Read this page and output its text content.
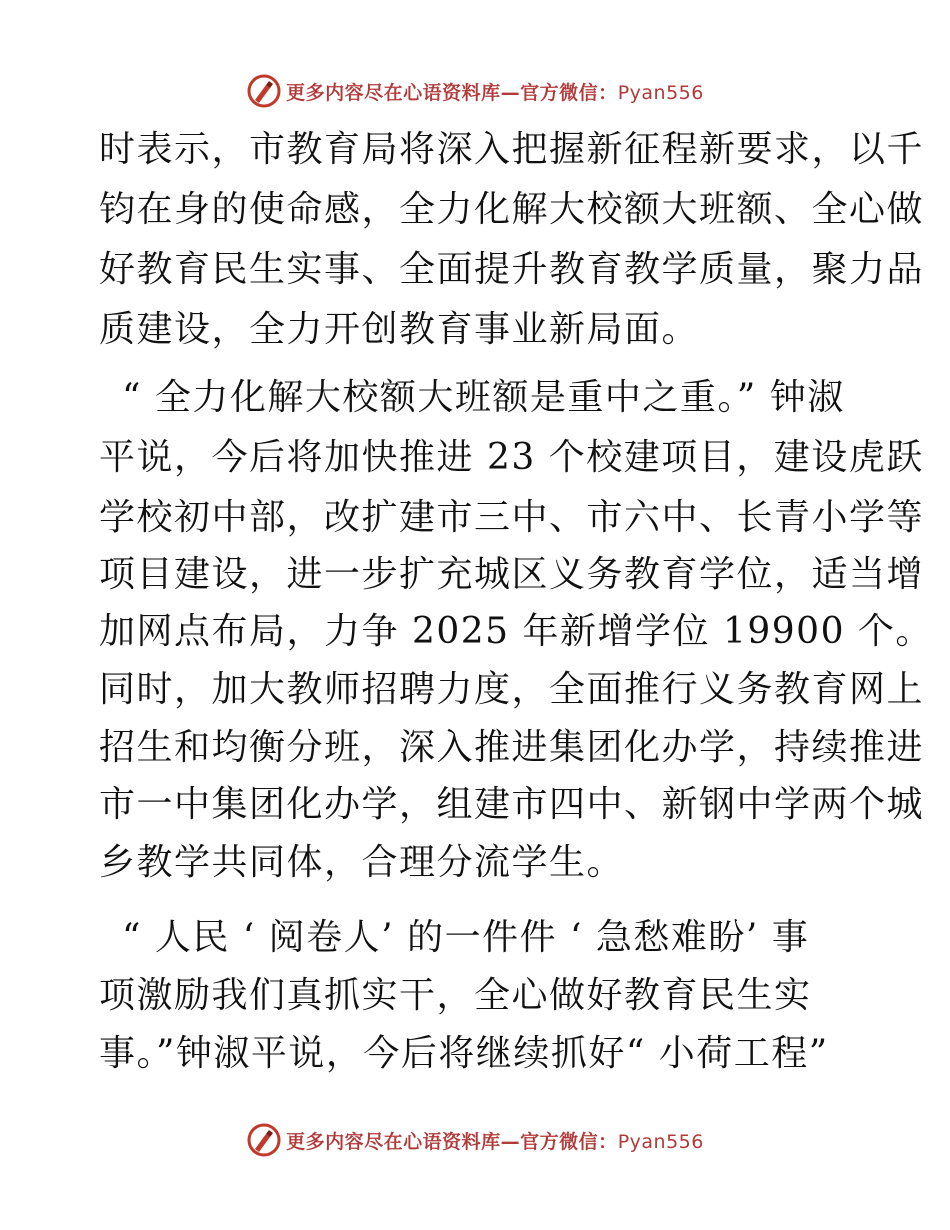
更多内容尽在心语资料库—官方微信：Pyan556
时表示，市教育局将深入把握新征程新要求，以千
钧在身的使命感，全力化解大校额大班额、全心做
好教育民生实事、全面提升教育教学质量，聚力品
质建设，全力开创教育事业新局面。
“ 全力化解大校额大班额是重中之重。” 钟淑
平说，今后将加快推进 23 个校建项目，建设虎跃
学校初中部，改扩建市三中、市六中、长青小学等
项目建设，进一步扩充城区义务教育学位，适当增
加网点布局，力争 2025 年新增学位 19900 个。
同时，加大教师招聘力度，全面推行义务教育网上
招生和均衡分班，深入推进集团化办学，持续推进
市一中集团化办学，组建市四中、新钢中学两个城
乡教学共同体，合理分流学生。
“ 人民 ‘ 阅卷人’ 的一件件 ‘ 急愁难盼’ 事
项激励我们真抓实干，全心做好教育民生实
事。”钟淑平说，今后将继续抓好“ 小荷工程”
更多内容尽在心语资料库—官方微信：Pyan556
